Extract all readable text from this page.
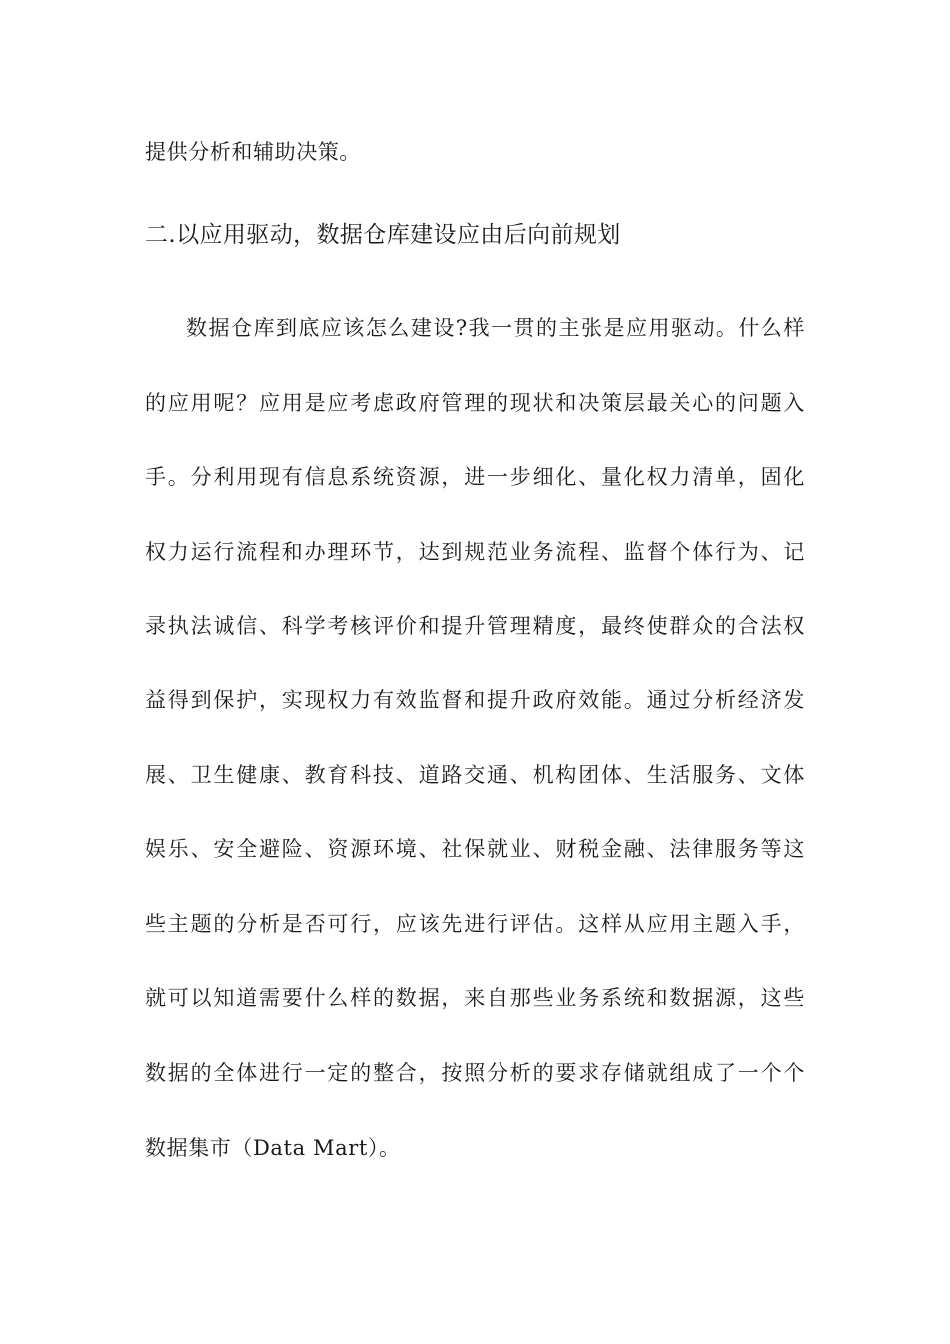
提供分析和辅助决策。
二.以应用驱动，数据仓库建设应由后向前规划
数据仓库到底应该怎么建设?我一贯的主张是应用驱动。什么样
的应用呢？应用是应考虑政府管理的现状和决策层最关心的问题入
手。分利用现有信息系统资源，进一步细化、量化权力清单，固化
权力运行流程和办理环节，达到规范业务流程、监督个体行为、记
录执法诚信、科学考核评价和提升管理精度，最终使群众的合法权
益得到保护，实现权力有效监督和提升政府效能。通过分析经济发
展、卫生健康、教育科技、道路交通、机构团体、生活服务、文体
娱乐、安全避险、资源环境、社保就业、财税金融、法律服务等这
些主题的分析是否可行，应该先进行评估。这样从应用主题入手，
就可以知道需要什么样的数据，来自那些业务系统和数据源，这些
数据的全体进行一定的整合，按照分析的要求存储就组成了一个个
数据集市（Data Mart）。
